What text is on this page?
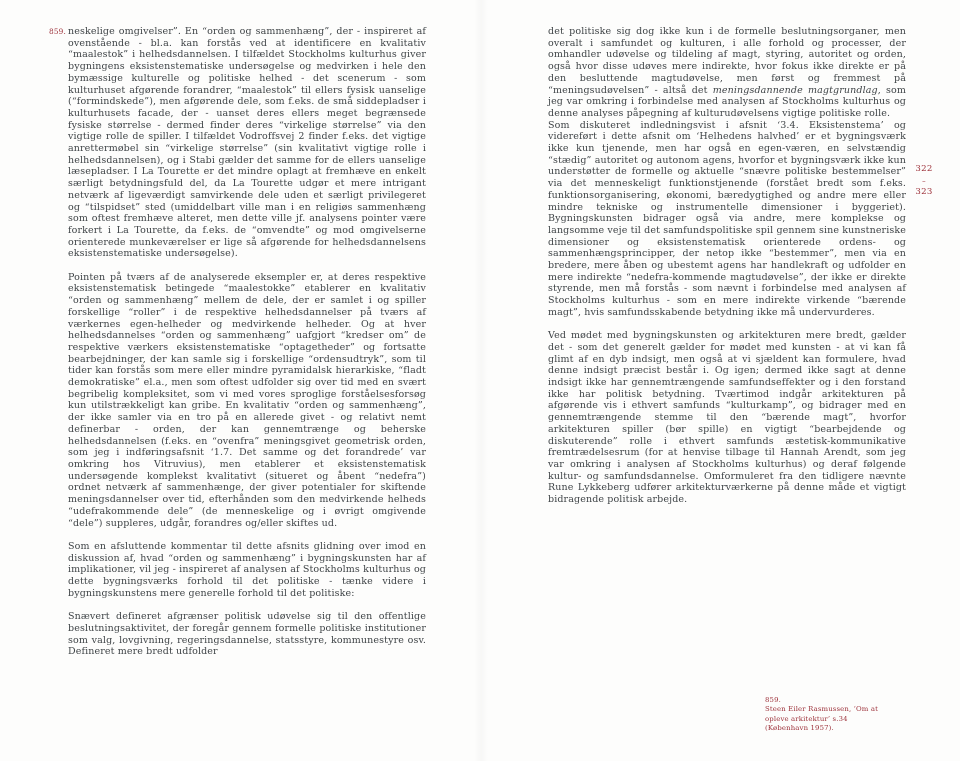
859. neskelige omgivelser”. En “orden og sammenhæng”, der - inspireret af ovenstående - bl.a. kan forstås ved at identificere en kvalitativ “maalestok” i helhedsdannelsen. I tilfældet Stockholms kulturhus giver bygningens eksistenstematiske undersøgelse og medvirken i hele den bymæssige kulturelle og politiske helhed - det scenerum - som kulturhuset afgørende forandrer, “maalestok” til ellers fysisk uanselige (“formindskede”), men afgørende dele, som f.eks. de små siddepladser i kulturhusets facade, der - uanset deres ellers meget begrænsede fysiske størrelse - dermed finder deres “virkelige størrelse” via den vigtige rolle de spiller. I tilfældet Vodroffsvej 2 finder f.eks. det vigtige anrettermøbel sin “virkelige størrelse” (sin kvalitativt vigtige rolle i helhedsdannelsen), og i Stabi gælder det samme for de ellers uanselige læsepladser. I La Tourette er det mindre oplagt at fremhæve en enkelt særligt betydningsfuld del, da La Tourette udgør et mere intrigant netværk af ligeværdigt samvirkende dele uden et særligt privilegeret og “tilspidset” sted (umiddelbart ville man i en religiøs sammenhæng som oftest fremhæve alteret, men dette ville jf. analysens pointer være forkert i La Tourette, da f.eks. de “omvendte” og mod omgivelserne orienterede munkeværelser er lige så afgørende for helhedsdannelsens eksistenstematiske undersøgelse).

Pointen på tværs af de analyserede eksempler er, at deres respektive eksistenstematisk betingede “maalestokke” etablerer en kvalitativ “orden og sammenhæng” mellem de dele, der er samlet i og spiller forskellige “roller” i de respektive helhedsdannelser på tværs af værkernes egen-helheder og medvirkende helheder. Og at hver helhedsdannelses “orden og sammenhæng” uafgjort “kredser om” de respektive værkers eksistenstematiske “optagetheder” og fortsatte bearbejdninger, der kan samle sig i forskellige “ordensudtryk”, som til tider kan forstås som mere eller mindre pyramidalsk hierarkiske, “fladt demokratiske” el.a., men som oftest udfolder sig over tid med en svært begribelig kompleksitet, som vi med vores sproglige forståelsesforsøg kun utilstrækkeligt kan gribe. En kvalitativ “orden og sammenhæng”, der ikke samler via en tro på en allerede givet - og relativt nemt definerbar - orden, der kan gennemtrænge og beherske helhedsdannelsen (f.eks. en “ovenfra” meningsgivet geometrisk orden, som jeg i indføringsafsnit ‘1.7. Det samme og det forandrede’ var omkring hos Vitruvius), men etablerer et eksistenstematisk undersøgende komplekst kvalitativt (situeret og åbent “nedefra”) ordnet netværk af sammenhænge, der giver potentialer for skiftende meningsdannelser over tid, efterhånden som den medvirkende helheds “udefrakommende dele” (de menneskelige og i øvrigt omgivende “dele”) suppleres, udgår, forandres og/eller skiftes ud.

Som en afsluttende kommentar til dette afsnits glidning over imod en diskussion af, hvad “orden og sammenhæng” i bygningskunsten har af implikationer, vil jeg - inspireret af analysen af Stockholms kulturhus og dette bygningsværks forhold til det politiske - tænke videre i bygningskunstens mere generelle forhold til det politiske:

Snævert defineret afgrænser politisk udøvelse sig til den offentlige beslutningsaktivitet, der foregår gennem formelle politiske institutioner som valg, lovgivning, regeringsdannelse, statsstyre, kommunestyre osv. Defineret mere bredt udfolder

det politiske sig dog ikke kun i de formelle beslutningsorganer, men overalt i samfundet og kulturen, i alle forhold og processer, der omhandler udøvelse og tildeling af magt, styring, autoritet og orden, også hvor disse udøves mere indirekte, hvor fokus ikke direkte er på den besluttende magtudøvelse, men først og fremmest på “meningsudøvelsen” - altså det meningsdannende magtgrundlag, som jeg var omkring i forbindelse med analysen af Stockholms kulturhus og denne analyses påpegning af kulturudøvelsens vigtige politiske rolle.

Som diskuteret indledningsvist i afsnit ‘3.4. Eksistenstema’ og videreført i dette afsnit om ‘Helhedens halvhed’ er et bygningsværk ikke kun tjenende, men har også en egen-væren, en selvstændig “stædig” autoritet og autonom agens, hvorfor et bygningsværk ikke kun understøtter de formelle og aktuelle “snævre politiske bestemmelser” via det menneskeligt funktionstjenende (forstået bredt som f.eks. funktionsorganisering, økonomi, bæredygtighed og andre mere eller mindre tekniske og instrumentelle dimensioner i byggeriet). Bygningskunsten bidrager også via andre, mere komplekse og langsomme veje til det samfundspolitiske spil gennem sine kunstneriske dimensioner og eksistenstematisk orienterede ordens- og sammenhængsprincipper, der netop ikke “bestemmer”, men via en bredere, mere åben og ubestemt agens har handlekraft og udfolder en mere indirekte “nedefra-kommende magtudøvelse”, der ikke er direkte styrende, men må forstås - som nævnt i forbindelse med analysen af Stockholms kulturhus - som en mere indirekte virkende “bærende magt”, hvis samfundsskabende betydning ikke må undervurderes.

Ved mødet med bygningskunsten og arkitekturen mere bredt, gælder det - som det generelt gælder for mødet med kunsten - at vi kan få glimt af en dyb indsigt, men også at vi sjældent kan formulere, hvad denne indsigt præcist består i. Og igen; dermed ikke sagt at denne indsigt ikke har gennemtrængende samfundseffekter og i den forstand ikke har politisk betydning. Tværtimod indgår arkitekturen på afgørende vis i ethvert samfunds “kulturkamp”, og bidrager med en gennemtrængende stemme til den “bærende magt”, hvorfor arkitekturen spiller (bør spille) en vigtigt “bearbejdende og diskuterende” rolle i ethvert samfunds æstetisk-kommunikative fremtrædelsesrum (for at henvise tilbage til Hannah Arendt, som jeg var omkring i analysen af Stockholms kulturhus) og deraf følgende kultur- og samfundsdannelse. Omformuleret fra den tidligere nævnte Rune Lykkeberg udfører arkitekturværkerne på denne måde et vigtigt bidragende politisk arbejde.

322
–
323
859.
Steen Eiler Rasmussen, ‘Om at opleve arkitektur’ s.34 (København 1957).
